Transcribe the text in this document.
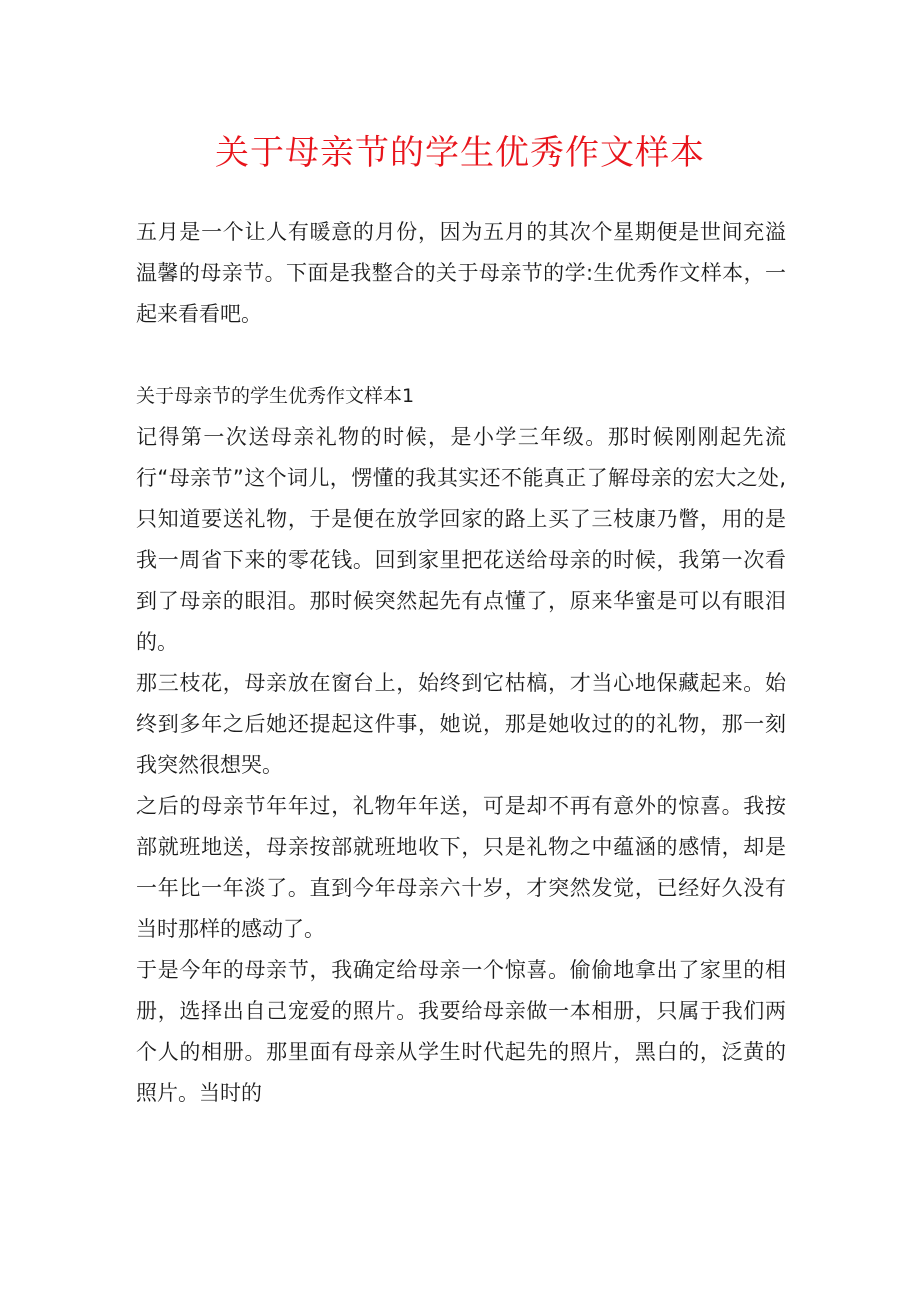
关于母亲节的学生优秀作文样本

五月是一个让人有暖意的月份，因为五月的其次个星期便是世间充溢温馨的母亲节。下面是我整合的关于母亲节的学:生优秀作文样本，一起来看看吧。

关于母亲节的学生优秀作文样本1

记得第一次送母亲礼物的时候，是小学三年级。那时候刚刚起先流行“母亲节”这个词儿，愣懂的我其实还不能真正了解母亲的宏大之处,只知道要送礼物，于是便在放学回家的路上买了三枝康乃瞥，用的是我一周省下来的零花钱。回到家里把花送给母亲的时候，我第一次看到了母亲的眼泪。那时候突然起先有点懂了，原来华蜜是可以有眼泪的。

那三枝花，母亲放在窗台上，始终到它枯槁，才当心地保藏起来。始终到多年之后她还提起这件事，她说，那是她收过的的礼物，那一刻我突然很想哭。

之后的母亲节年年过，礼物年年送，可是却不再有意外的惊喜。我按部就班地送，母亲按部就班地收下，只是礼物之中蕴涵的感情，却是一年比一年淡了。直到今年母亲六十岁，才突然发觉，已经好久没有当时那样的感动了。

于是今年的母亲节，我确定给母亲一个惊喜。偷偷地拿出了家里的相册，选择出自己宠爱的照片。我要给母亲做一本相册，只属于我们两个人的相册。那里面有母亲从学生时代起先的照片，黑白的，泛黄的照片。当时的
